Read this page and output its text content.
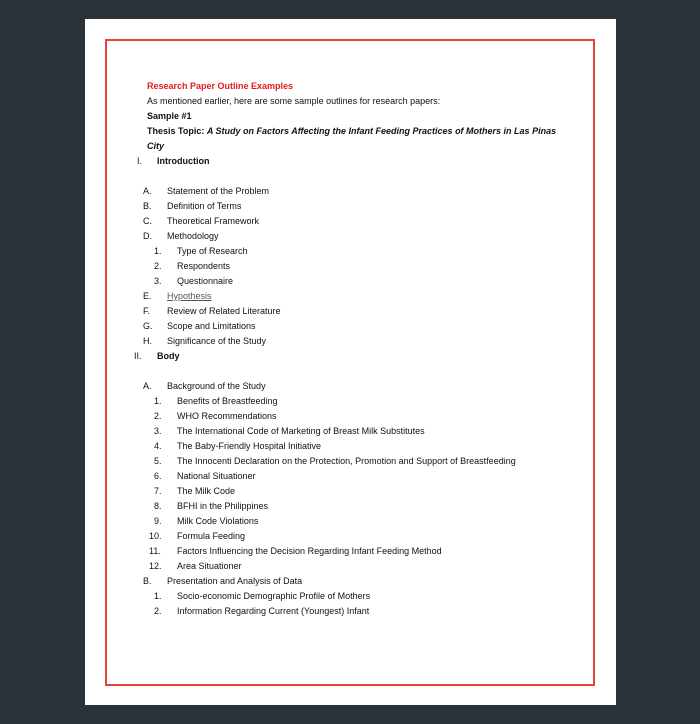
Research Paper Outline Examples
As mentioned earlier, here are some sample outlines for research papers:
Sample #1
Thesis Topic: A Study on Factors Affecting the Infant Feeding Practices of Mothers in Las Pinas
City
I. Introduction
A. Statement of the Problem
B. Definition of Terms
C. Theoretical Framework
D. Methodology
1. Type of Research
2. Respondents
3. Questionnaire
E. Hypothesis
F. Review of Related Literature
G. Scope and Limitations
H. Significance of the Study
II. Body
A. Background of the Study
1. Benefits of Breastfeeding
2. WHO Recommendations
3. The International Code of Marketing of Breast Milk Substitutes
4. The Baby-Friendly Hospital Initiative
5. The Innocenti Declaration on the Protection, Promotion and Support of Breastfeeding
6. National Situationer
7. The Milk Code
8. BFHI in the Philippines
9. Milk Code Violations
10. Formula Feeding
11. Factors Influencing the Decision Regarding Infant Feeding Method
12. Area Situationer
B. Presentation and Analysis of Data
1. Socio-economic Demographic Profile of Mothers
2. Information Regarding Current (Youngest) Infant
